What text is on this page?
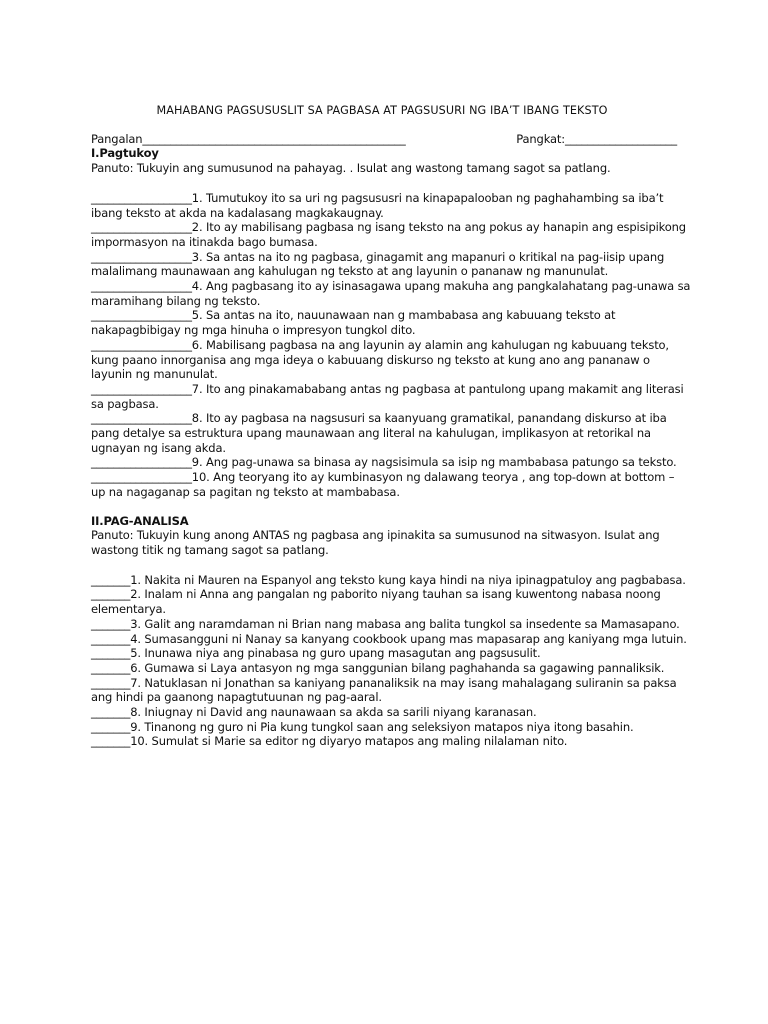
MAHABANG PAGSUSUSLIT SA PAGBASA AT PAGSUSURI NG IBA’T IBANG TEKSTO
Pangalan_______________________________________________	Pangkat:____________________
I.Pagtukoy
Panuto: Tukuyin ang sumusunod na pahayag. . Isulat ang wastong tamang sagot sa patlang.
__________________1. Tumutukoy ito sa uri ng pagsususri na kinapapalooban ng paghahambing sa iba’t ibang teksto at akda na kadalasang magkakaugnay.
__________________2. Ito ay mabilisang pagbasa ng isang teksto na ang pokus ay hanapin ang espisipikong impormasyon na itinakda bago bumasa.
__________________3. Sa antas na ito ng pagbasa, ginagamit ang mapanuri o kritikal na pag-iisip upang malalimang maunawaan ang kahulugan ng teksto at ang layunin o pananaw ng manunulat.
__________________4. Ang pagbasang ito ay isinasagawa upang makuha ang pangkalahatang pag-unawa sa maramihang bilang ng teksto.
__________________5. Sa antas na ito, nauunawaan nan g mambabasa ang kabuuang teksto at nakapagbibigay ng mga hinuha o impresyon tungkol dito.
__________________6. Mabilisang pagbasa na ang layunin ay alamin ang kahulugan ng kabuuang teksto, kung paano innorganisa ang mga ideya o kabuuang diskurso ng teksto at kung ano ang pananaw o layunin ng manunulat.
__________________7. Ito ang pinakamababang antas ng pagbasa at pantulong upang makamit ang literasi sa pagbasa.
__________________8. Ito ay pagbasa na nagsusuri sa kaanyuang gramatikal, panandang diskurso at iba pang detalye sa estruktura upang maunawaan ang literal na kahulugan, implikasyon at retorikal na ugnayan ng isang akda.
__________________9. Ang pag-unawa sa binasa ay nagsisimula sa isip ng mambabasa patungo sa teksto.
__________________10. Ang teoryang ito ay kumbinasyon ng dalawang teorya , ang top-down at bottom – up na nagaganap sa pagitan ng teksto at mambabasa.
II.PAG-ANALISA
Panuto: Tukuyin kung anong ANTAS ng pagbasa ang ipinakita sa sumusunod na sitwasyon. Isulat ang wastong titik ng tamang sagot sa patlang.
_______1. Nakita ni Mauren na Espanyol ang teksto kung kaya hindi na niya ipinagpatuloy ang pagbabasa.
_______2. Inalam ni Anna ang pangalan ng paborito niyang tauhan sa isang kuwentong nabasa noong elementarya.
_______3. Galit ang naramdaman ni Brian nang mabasa ang balita tungkol sa insedente sa Mamasapano.
_______4. Sumasangguni ni Nanay sa kanyang cookbook upang mas mapasarap ang kaniyang mga lutuin.
_______5. Inunawa niya ang pinabasa ng guro upang masagutan ang pagsusulit.
_______6. Gumawa si Laya antasyon ng mga sanggunian bilang paghahanda sa gagawing pannaliksik.
_______7. Natuklasan ni Jonathan sa kaniyang pananaliksik na may isang mahalagang suliranin sa paksa ang hindi pa gaanong napagtutuunan ng pag-aaral.
_______8. Iniugnay ni David ang naunawaan sa akda sa sarili niyang karanasan.
_______9. Tinanong ng guro ni Pia kung tungkol saan ang seleksiyon matapos niya itong basahin.
_______10. Sumulat si Marie sa editor ng diyaryo matapos ang maling nilalaman nito.
